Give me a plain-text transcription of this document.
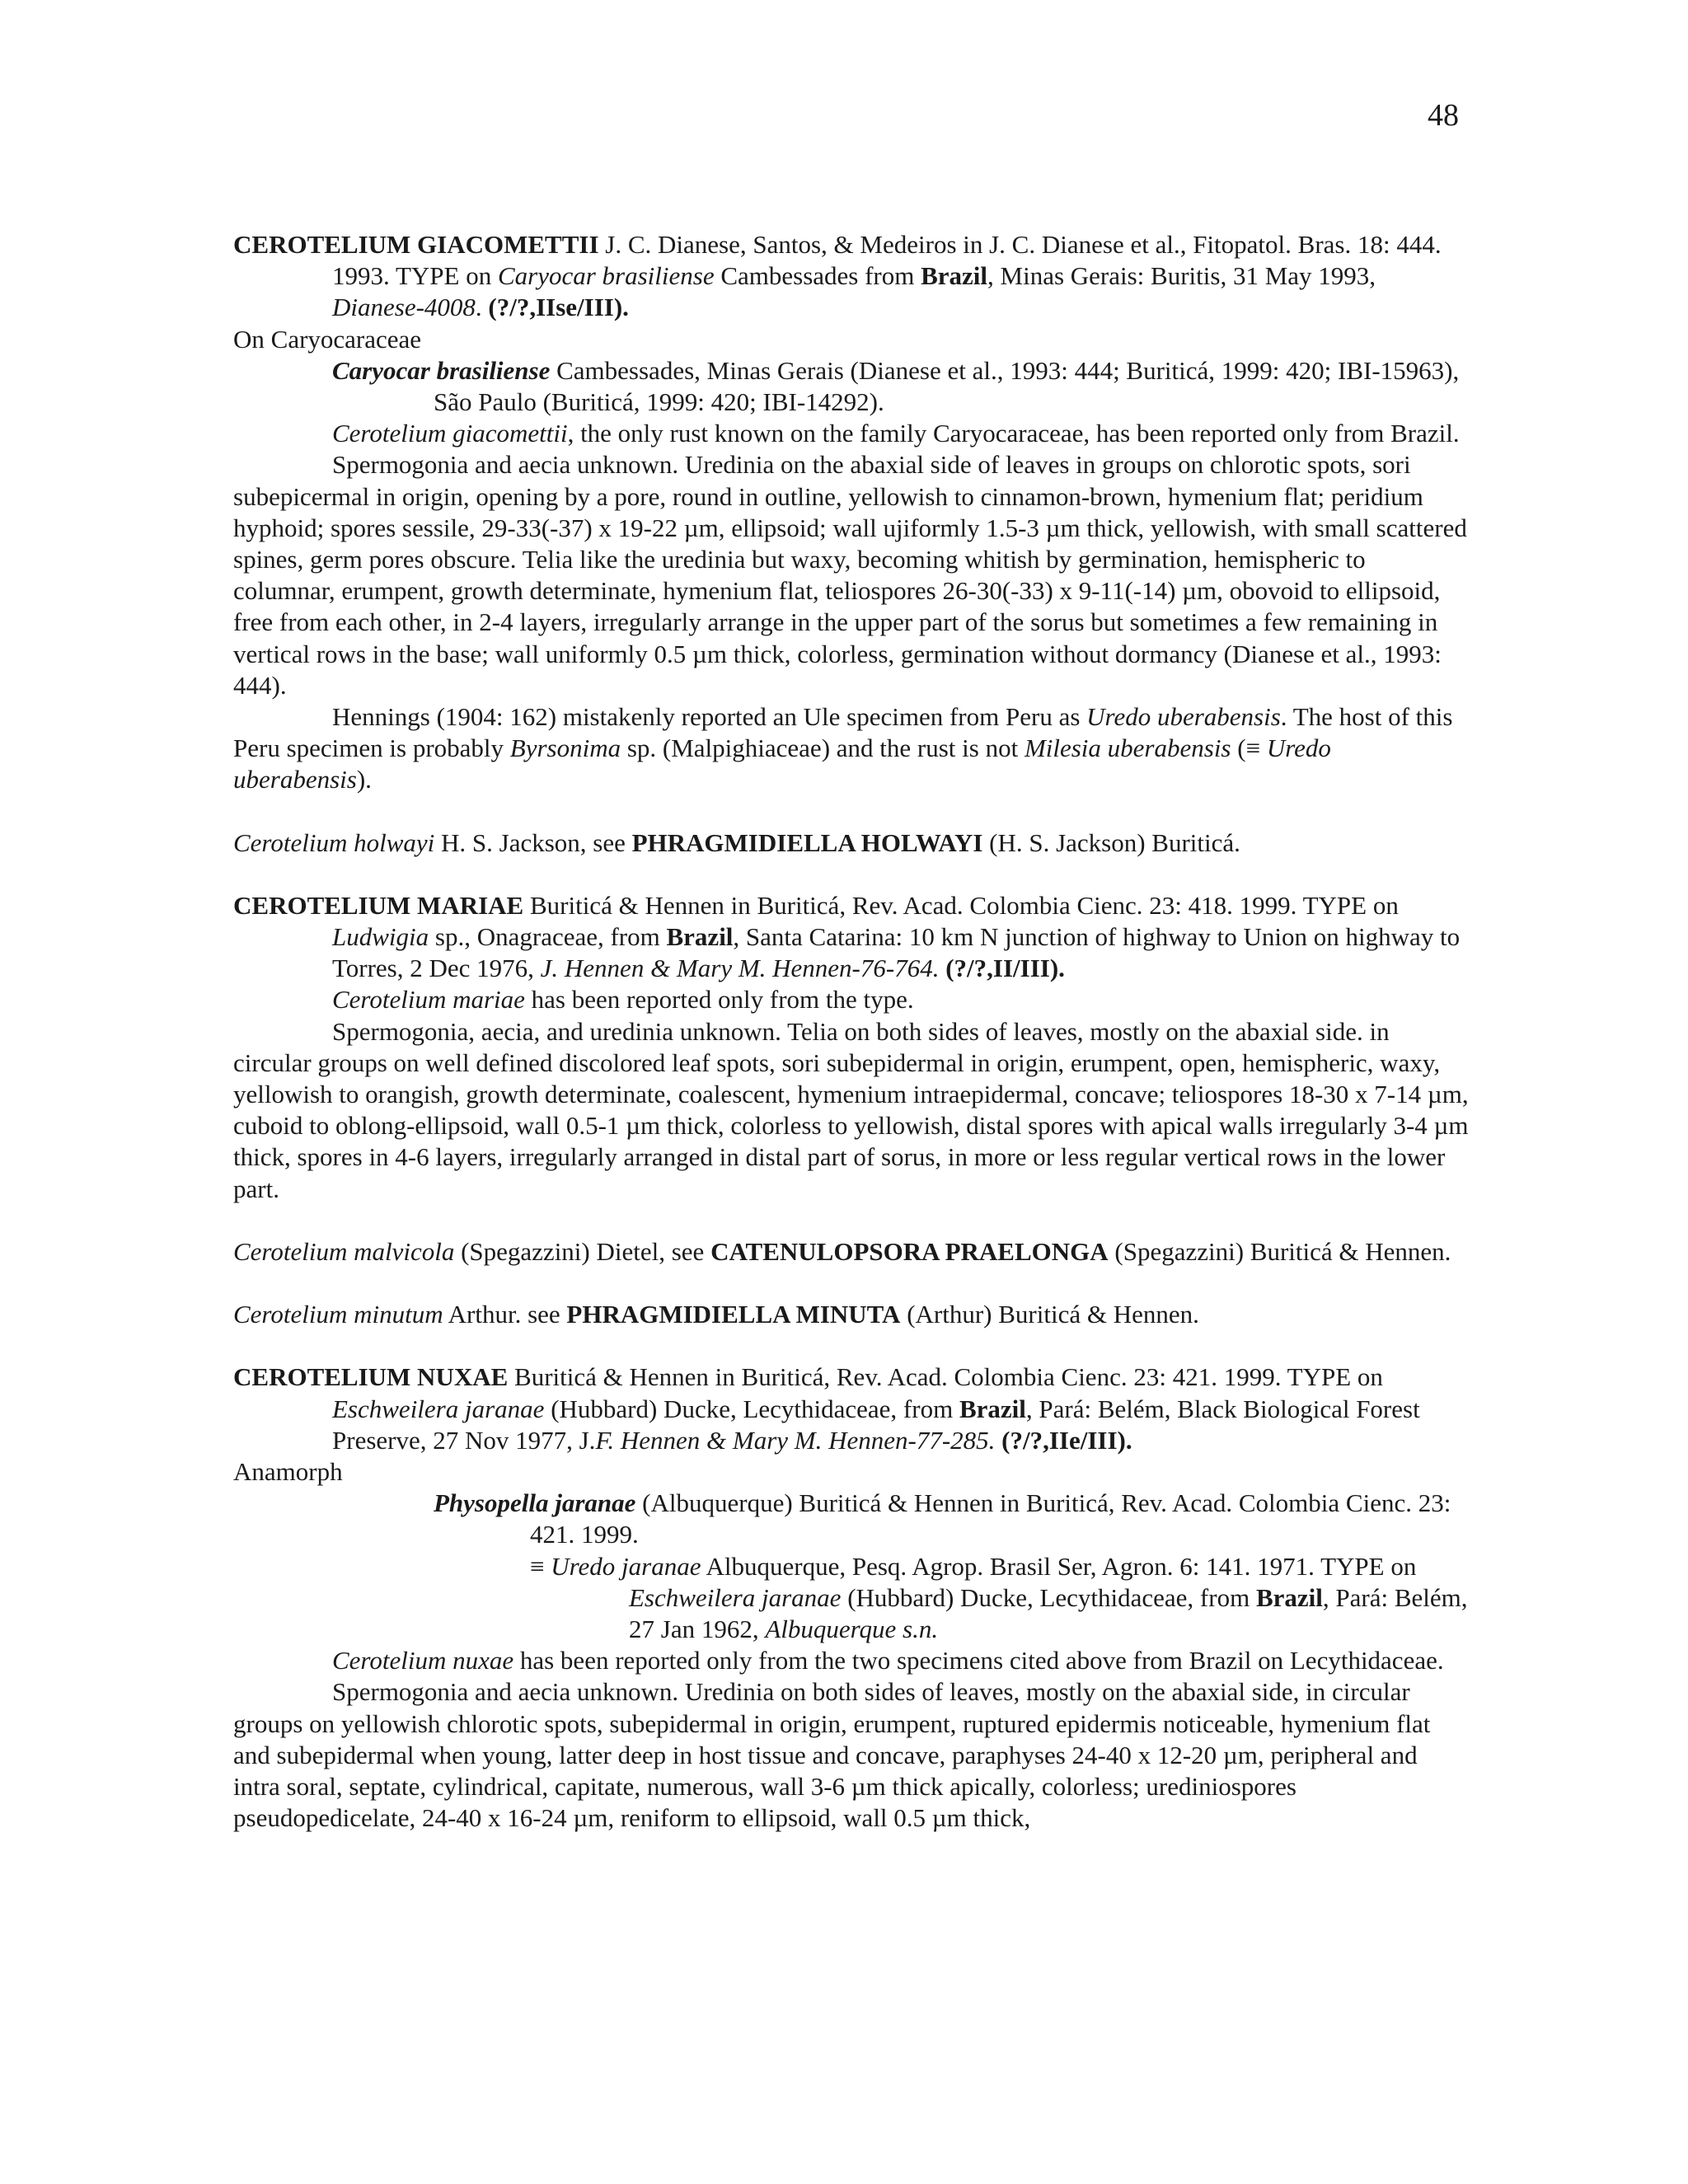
48

CEROTELIUM GIACOMETTII J. C. Dianese, Santos, & Medeiros in J. C. Dianese et al., Fitopatol. Bras. 18: 444. 1993. TYPE on Caryocar brasiliense Cambessades from Brazil, Minas Gerais: Buritis, 31 May 1993, Dianese-4008. (?/?,IIse/III).

On Caryocaraceae

Caryocar brasiliense Cambessades, Minas Gerais (Dianese et al., 1993: 444; Buriticá, 1999: 420; IBI-15963), São Paulo (Buriticá, 1999: 420; IBI-14292).

Cerotelium giacomettii, the only rust known on the family Caryocaraceae, has been reported only from Brazil.

Spermogonia and aecia unknown. Uredinia on the abaxial side of leaves in groups on chlorotic spots, sori subepicermal in origin, opening by a pore, round in outline, yellowish to cinnamon-brown, hymenium flat; peridium hyphoid; spores sessile, 29-33(-37) x 19-22 µm, ellipsoid; wall ujiformly 1.5-3 µm thick, yellowish, with small scattered spines, germ pores obscure. Telia like the uredinia but waxy, becoming whitish by germination, hemispheric to columnar, erumpent, growth determinate, hymenium flat, teliospores 26-30(-33) x 9-11(-14) µm, obovoid to ellipsoid, free from each other, in 2-4 layers, irregularly arrange in the upper part of the sorus but sometimes a few remaining in vertical rows in the base; wall uniformly 0.5 µm thick, colorless, germination without dormancy (Dianese et al., 1993: 444).

Hennings (1904: 162) mistakenly reported an Ule specimen from Peru as Uredo uberabensis. The host of this Peru specimen is probably Byrsonima sp. (Malpighiaceae) and the rust is not Milesia uberabensis (≡ Uredo uberabensis).

Cerotelium holwayi H. S. Jackson, see PHRAGMIDIELLA HOLWAYI (H. S. Jackson) Buriticá.

CEROTELIUM MARIAE Buriticá & Hennen in Buriticá, Rev. Acad. Colombia Cienc. 23: 418. 1999. TYPE on Ludwigia sp., Onagraceae, from Brazil, Santa Catarina: 10 km N junction of highway to Union on highway to Torres, 2 Dec 1976, J. Hennen & Mary M. Hennen-76-764. (?/?,II/III).

Cerotelium mariae has been reported only from the type.

Spermogonia, aecia, and uredinia unknown. Telia on both sides of leaves, mostly on the abaxial side. in circular groups on well defined discolored leaf spots, sori subepidermal in origin, erumpent, open, hemispheric, waxy, yellowish to orangish, growth determinate, coalescent, hymenium intraepidermal, concave; teliospores 18-30 x 7-14 µm, cuboid to oblong-ellipsoid, wall 0.5-1 µm thick, colorless to yellowish, distal spores with apical walls irregularly 3-4 µm thick, spores in 4-6 layers, irregularly arranged in distal part of sorus, in more or less regular vertical rows in the lower part.

Cerotelium malvicola (Spegazzini) Dietel, see CATENULOPSORA PRAELONGA (Spegazzini) Buriticá & Hennen.

Cerotelium minutum Arthur. see PHRAGMIDIELLA MINUTA (Arthur) Buriticá & Hennen.

CEROTELIUM NUXAE Buriticá & Hennen in Buriticá, Rev. Acad. Colombia Cienc. 23: 421. 1999. TYPE on Eschweilera jaranae (Hubbard) Ducke, Lecythidaceae, from Brazil, Pará: Belém, Black Biological Forest Preserve, 27 Nov 1977, J.F. Hennen & Mary M. Hennen-77-285. (?/?,IIe/III).

Anamorph

Physopella jaranae (Albuquerque) Buriticá & Hennen in Buriticá, Rev. Acad. Colombia Cienc. 23: 421. 1999.

≡ Uredo jaranae Albuquerque, Pesq. Agrop. Brasil Ser, Agron. 6: 141. 1971. TYPE on Eschweilera jaranae (Hubbard) Ducke, Lecythidaceae, from Brazil, Pará: Belém, 27 Jan 1962, Albuquerque s.n.

Cerotelium nuxae has been reported only from the two specimens cited above from Brazil on Lecythidaceae.

Spermogonia and aecia unknown. Uredinia on both sides of leaves, mostly on the abaxial side, in circular groups on yellowish chlorotic spots, subepidermal in origin, erumpent, ruptured epidermis noticeable, hymenium flat and subepidermal when young, latter deep in host tissue and concave, paraphyses 24-40 x 12-20 µm, peripheral and intra soral, septate, cylindrical, capitate, numerous, wall 3-6 µm thick apically, colorless; urediniospores pseudopedicelate, 24-40 x 16-24 µm, reniform to ellipsoid, wall 0.5 µm thick,
